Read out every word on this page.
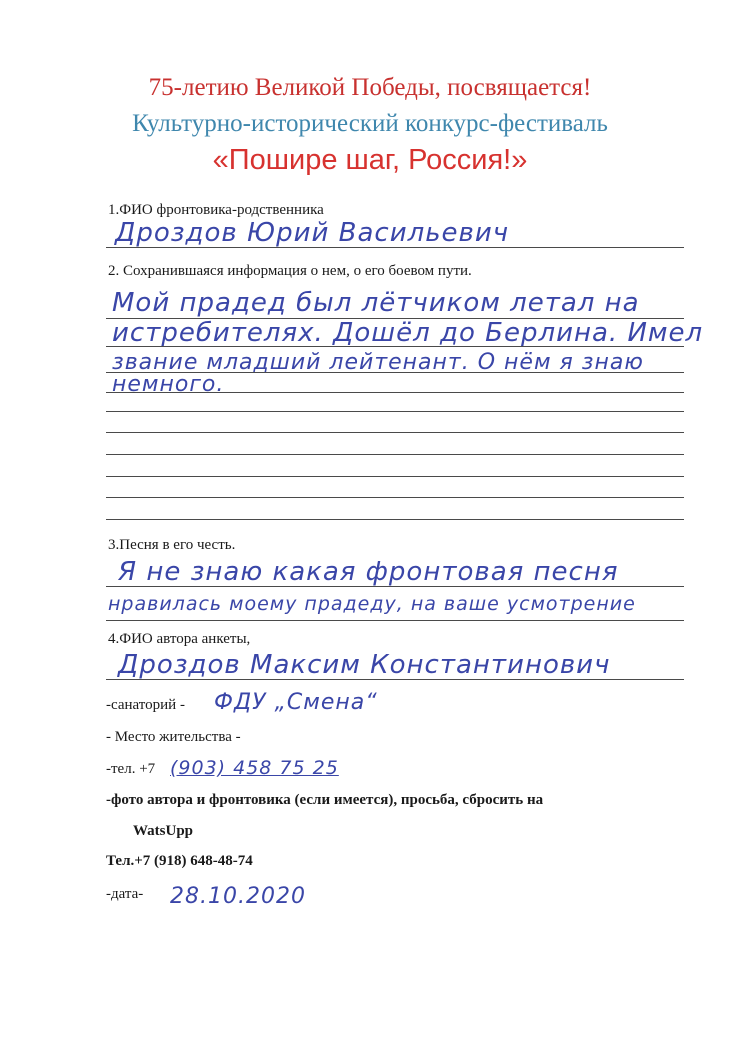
75-летию Великой Победы, посвящается!
Культурно-исторический конкурс-фестиваль
«Пошире шаг, Россия!»
1.ФИО фронтовика-родственника
Дроздов Юрий Васильевич
2. Сохранившаяся информация о нем, о его боевом пути.
Мой прадед был лётчиком летал на
истребителях. Дошёл до Берлина. Имел
звание младший лейтенант. О нём я знаю
немного.
3.Песня в его честь.
Я не знаю какая фронтовая песня
нравилась моему прадеду, на ваше усмотрение
4.ФИО автора анкеты,
Дроздов Максим Константинович
-санаторий - ФДУ „Смена“
- Место жительства -
-тел. +7 (903) 458 75 25
-фото автора и фронтовика (если имеется), просьба, сбросить на
WatsUpp
Тел.+7 (918) 648-48-74
-дата- 28.10.2020
